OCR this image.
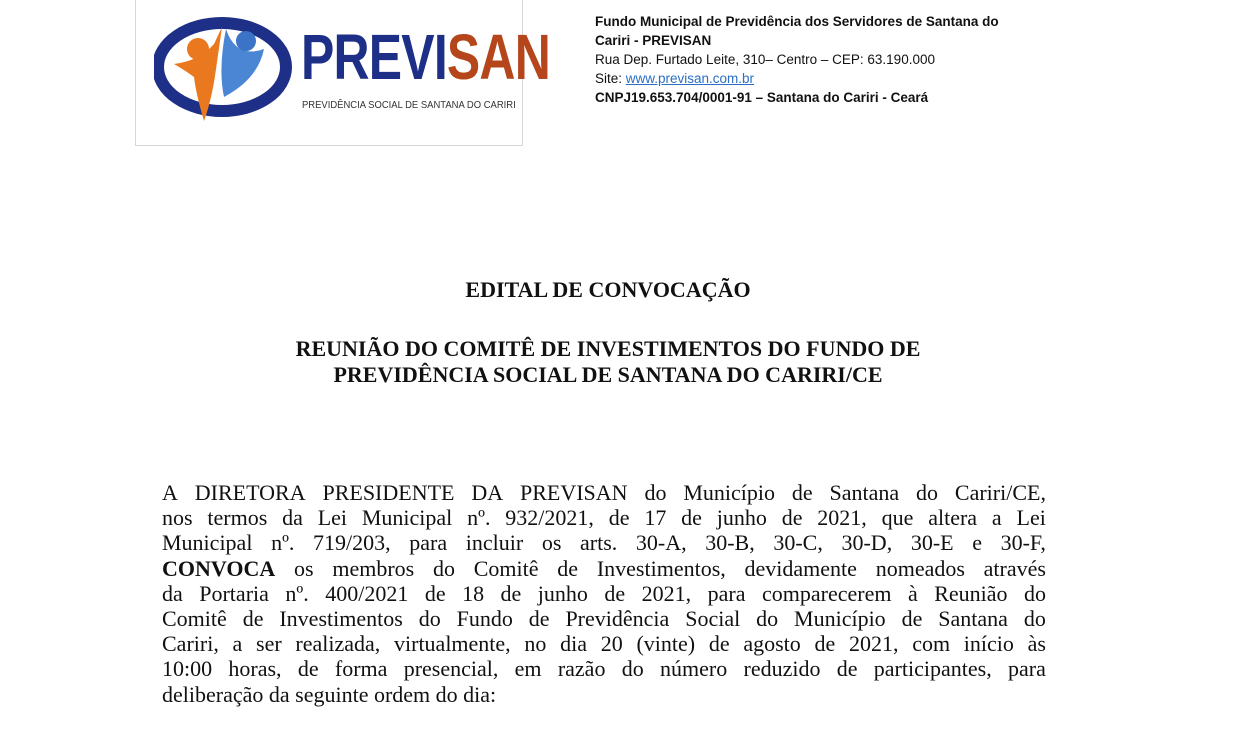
PREVISAN
PREVIDÊNCIA SOCIAL DE SANTANA DO CARIRI
Fundo Municipal de Previdência dos Servidores de Santana do
Cariri - PREVISAN
Rua Dep. Furtado Leite, 310– Centro – CEP: 63.190.000
Site: www.previsan.com.br
CNPJ19.653.704/0001-91 – Santana do Cariri - Ceará
EDITAL DE CONVOCAÇÃO
REUNIÃO DO COMITÊ DE INVESTIMENTOS DO FUNDO DE
PREVIDÊNCIA SOCIAL DE SANTANA DO CARIRI/CE
A DIRETORA PRESIDENTE DA PREVISAN do Município de Santana do Cariri/CE,
nos termos da Lei Municipal nº. 932/2021, de 17 de junho de 2021, que altera a Lei
Municipal nº. 719/203, para incluir os arts. 30-A, 30-B, 30-C, 30-D, 30-E e 30-F,
CONVOCA os membros do Comitê de Investimentos, devidamente nomeados através
da Portaria nº. 400/2021 de 18 de junho de 2021, para comparecerem à Reunião do
Comitê de Investimentos do Fundo de Previdência Social do Município de Santana do
Cariri, a ser realizada, virtualmente, no dia 20 (vinte) de agosto de 2021, com início às
10:00 horas, de forma presencial, em razão do número reduzido de participantes, para
deliberação da seguinte ordem do dia:
